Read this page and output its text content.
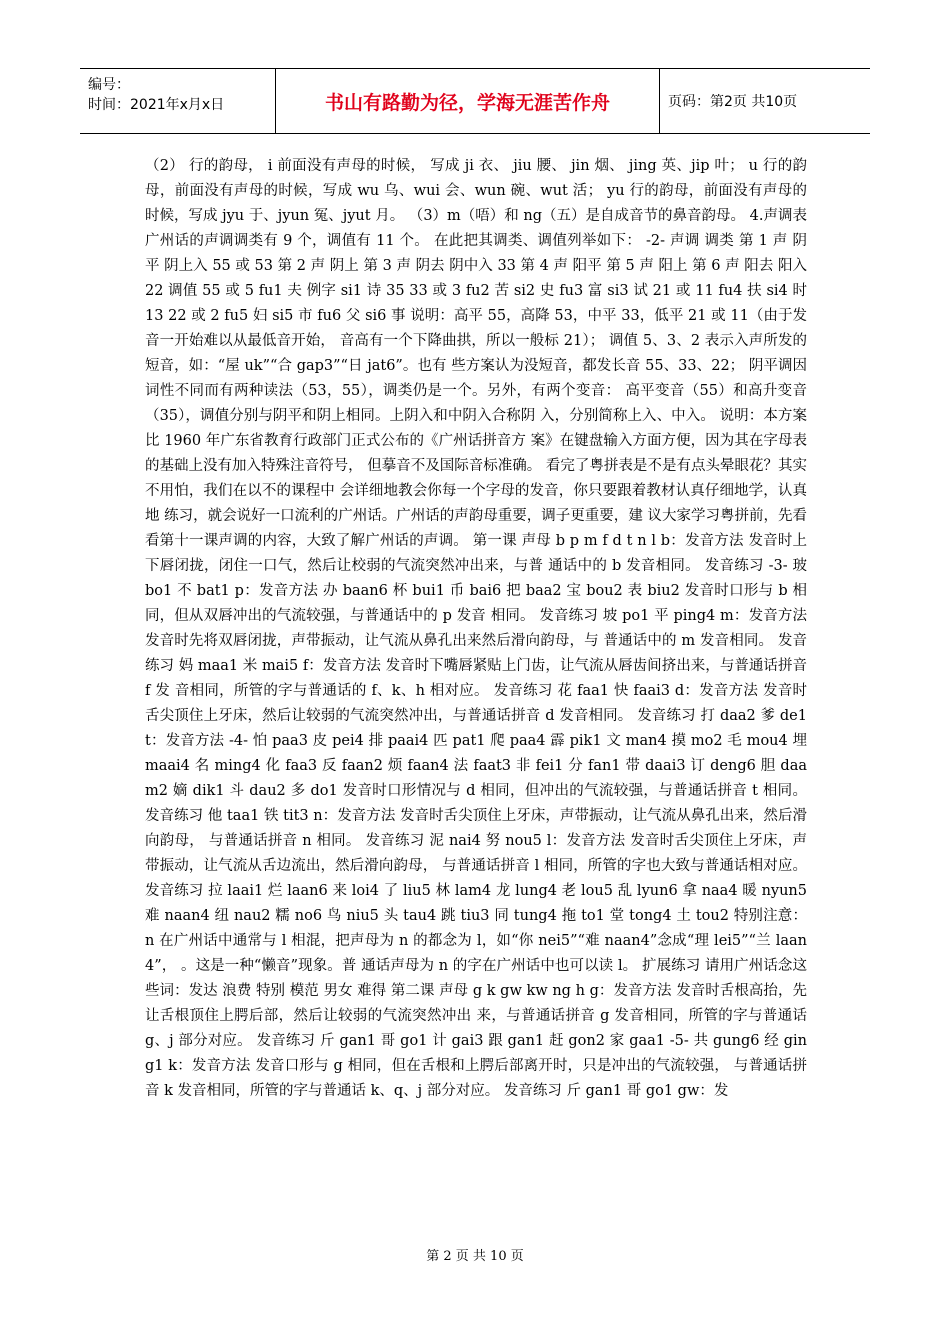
编号：
时间：2021年x月x日	书山有路勤为径，学海无涯苦作舟	页码：第2页 共10页

（2） 行的韵母， i 前面没有声母的时候， 写成 ji 衣、 jiu 腰、 jin 烟、 jing 英、jip 叶； u 行的韵母，前面没有声母的时候，写成 wu 乌、wui 会、wun 碗、wut 活； yu 行的韵母，前面没有声母的时候，写成 jyu 于、jyun 冤、jyut 月。 （3）m（唔）和 ng（五）是自成音节的鼻音韵母。 4.声调表 广州话的声调调类有 9 个，调值有 11 个。 在此把其调类、调值列举如下： -2- 声调 调类 第 1 声 阴平 阴上入 55 或 53 第 2 声 阴上 第 3 声 阴去 阴中入 33 第 4 声 阳平 第 5 声 阳上 第 6 声 阳去 阳入 22 调值 55 或 5 fu1 夫 例字 si1 诗 35 33 或 3 fu2 苦 si2 史 fu3 富 si3 试 21 或 11 fu4 扶 si4 时 13 22 或 2 fu5 妇 si5 市 fu6 父 si6 事 说明：高平 55，高降 53，中平 33，低平 21 或 11（由于发音一开始难以从最低音开始， 音高有一个下降曲拱，所以一般标 21）； 调值 5、3、2 表示入声所发的短音，如：“屋 uk”“合 gap3”“日 jat6”。也有 些方案认为没短音，都发长音 55、33、22； 阴平调因词性不同而有两种读法（53，55），调类仍是一个。另外，有两个变音： 高平变音（55）和高升变音（35），调值分别与阴平和阴上相同。上阴入和中阴入合称阴 入，分别简称上入、中入。 说明：本方案比 1960 年广东省教育行政部门正式公布的《广州话拼音方 案》在键盘输入方面方便，因为其在字母表的基础上没有加入特殊注音符号， 但摹音不及国际音标准确。 看完了粤拼表是不是有点头晕眼花？其实不用怕，我们在以不的课程中 会详细地教会你每一个字母的发音，你只要跟着教材认真仔细地学，认真地 练习，就会说好一口流利的广州话。广州话的声韵母重要，调子更重要，建 议大家学习粤拼前，先看看第十一课声调的内容，大致了解广州话的声调。 第一课 声母 b p m f d t n l b：发音方法 发音时上下唇闭拢，闭住一口气，然后让校弱的气流突然冲出来，与普 通话中的 b 发音相同。 发音练习 -3- 玻 bo1 不 bat1 p：发音方法 办 baan6 杯 bui1 币 bai6 把 baa2 宝 bou2 表 biu2 发音时口形与 b 相同，但从双唇冲出的气流较强，与普通话中的 p 发音 相同。 发音练习 坡 po1 平 ping4 m：发音方法 发音时先将双唇闭拢，声带振动，让气流从鼻孔出来然后滑向韵母，与 普通话中的 m 发音相同。 发音练习 妈 maa1 米 mai5 f：发音方法 发音时下嘴唇紧贴上门齿，让气流从唇齿间挤出来，与普通话拼音 f 发 音相同，所管的字与普通话的 f、k、h 相对应。 发音练习 花 faa1 快 faai3 d：发音方法 发音时舌尖顶住上牙床，然后让较弱的气流突然冲出，与普通话拼音 d 发音相同。 发音练习 打 daa2 爹 de1 t：发音方法 -4- 怕 paa3 皮 pei4 排 paai4 匹 pat1 爬 paa4 霹 pik1 文 man4 摸 mo2 毛 mou4 埋 maai4 名 ming4 化 faa3 反 faan2 烦 faan4 法 faat3 非 fei1 分 fan1 带 daai3 订 deng6 胆 daam2 嫡 dik1 斗 dau2 多 do1 发音时口形情况与 d 相同，但冲出的气流较强，与普通话拼音 t 相同。 发音练习 他 taa1 铁 tit3 n：发音方法 发音时舌尖顶住上牙床，声带振动，让气流从鼻孔出来，然后滑向韵母， 与普通话拼音 n 相同。 发音练习 泥 nai4 努 nou5 l：发音方法 发音时舌尖顶住上牙床，声带振动，让气流从舌边流出，然后滑向韵母， 与普通话拼音 l 相同，所管的字也大致与普通话相对应。 发音练习 拉 laai1 烂 laan6 来 loi4 了 liu5 林 lam4 龙 lung4 老 lou5 乱 lyun6 拿 naa4 暖 nyun5 难 naan4 纽 nau2 糯 no6 鸟 niu5 头 tau4 跳 tiu3 同 tung4 拖 to1 堂 tong4 土 tou2 特别注意：n 在广州话中通常与 l 相混，把声母为 n 的都念为 l，如“你 nei5”“难 naan4”念成“理 lei5”“兰 laan4”， 。这是一种“懒音”现象。普 通话声母为 n 的字在广州话中也可以读 l。 扩展练习 请用广州话念这些词：发达 浪费 特别 模范 男女 难得 第二课 声母 g k gw kw ng h g：发音方法 发音时舌根高抬，先让舌根顶住上腭后部，然后让较弱的气流突然冲出 来，与普通话拼音 g 发音相同，所管的字与普通话 g、j 部分对应。 发音练习 斤 gan1 哥 go1 计 gai3 跟 gan1 赶 gon2 家 gaa1 -5- 共 gung6 经 ging1 k：发音方法 发音口形与 g 相同，但在舌根和上腭后部离开时，只是冲出的气流较强， 与普通话拼音 k 发音相同，所管的字与普通话 k、q、j 部分对应。 发音练习 斤 gan1 哥 go1 gw：发

第 2 页 共 10 页
